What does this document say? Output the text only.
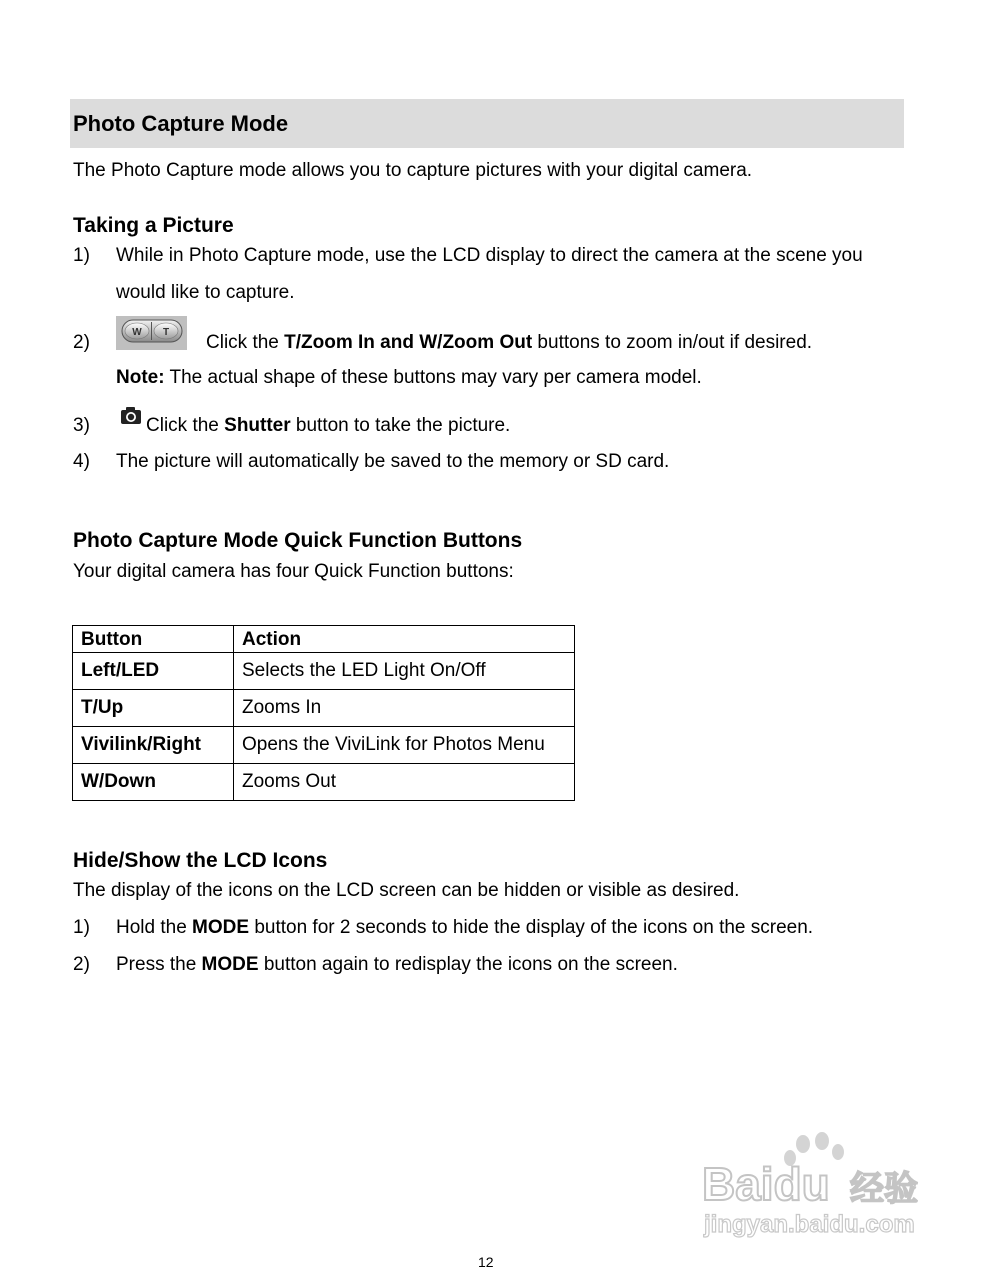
Photo Capture Mode
The Photo Capture mode allows you to capture pictures with your digital camera.
Taking a Picture
1) While in Photo Capture mode, use the LCD display to direct the camera at the scene you
would like to capture.
2)	W T Click the T/Zoom In and W/Zoom Out buttons to zoom in/out if desired.
Note: The actual shape of these buttons may vary per camera model.
3)	Click the Shutter button to take the picture.
4) The picture will automatically be saved to the memory or SD card.
Photo Capture Mode Quick Function Buttons
Your digital camera has four Quick Function buttons:
Button	Action
Left/LED	Selects the LED Light On/Off
T/Up	Zooms In
Vivilink/Right	Opens the ViviLink for Photos Menu
W/Down	Zooms Out
Hide/Show the LCD Icons
The display of the icons on the LCD screen can be hidden or visible as desired.
1) Hold the MODE button for 2 seconds to hide the display of the icons on the screen.
2) Press the MODE button again to redisplay the icons on the screen.
Baidu 经验
jingyan.baidu.com
12
